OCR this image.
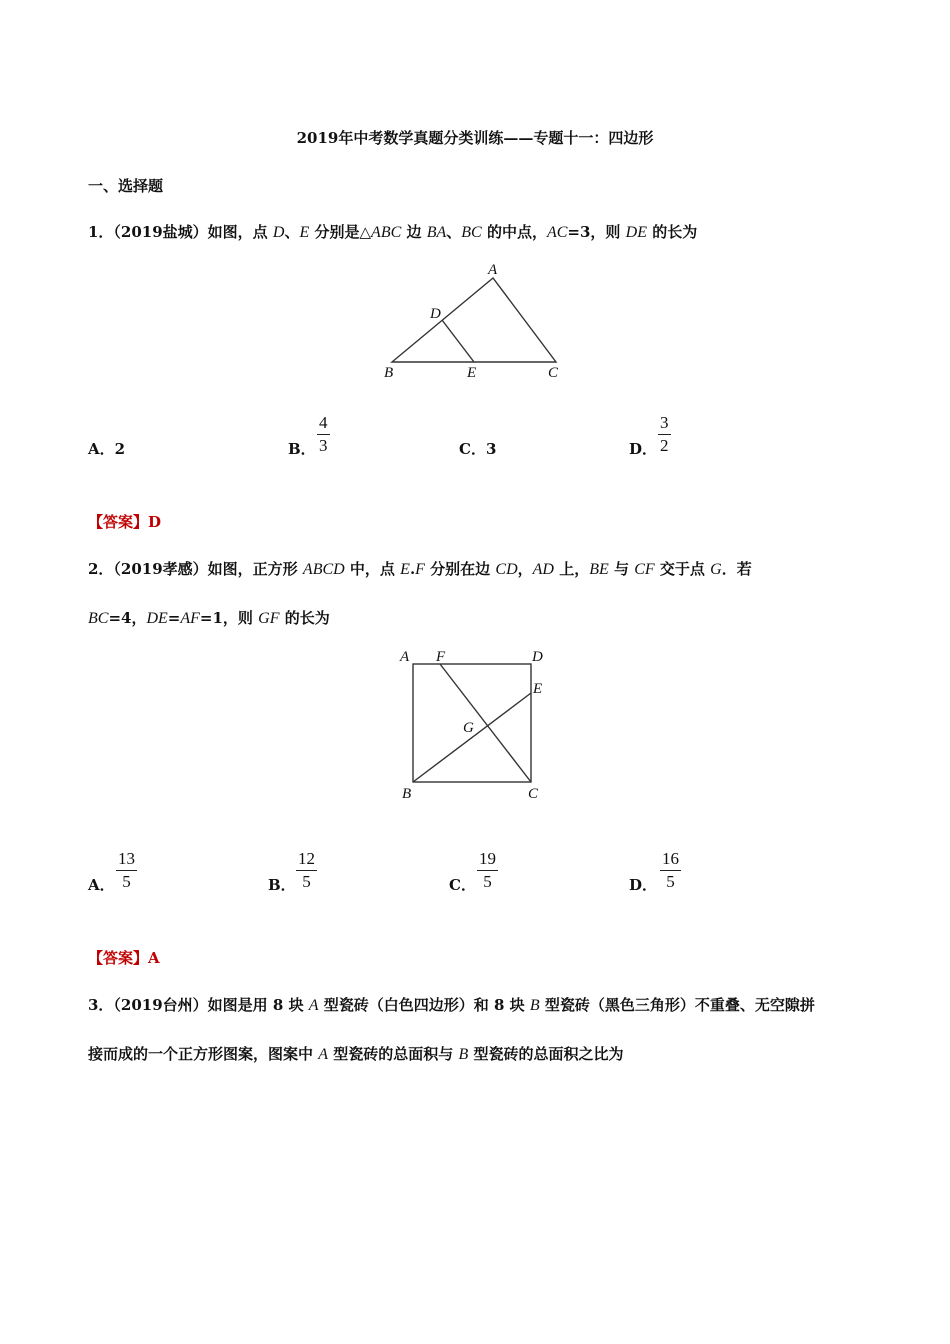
2019年中考数学真题分类训练——专题十一：四边形
一、选择题
1．（2019盐城）如图，点 D、E 分别是△ABC 边 BA、BC 的中点，AC=3，则 DE 的长为
A
D
B	E	C
A．2	B． $\frac{4}{3}$	C．3	D． $\frac{3}{2}$
【答案】D
2．（2019孝感）如图，正方形 ABCD 中，点 E.F 分别在边 CD，AD 上，BE 与 CF 交于点 G．若
BC=4，DE=AF=1，则 GF 的长为
A F	D
E
G
B	C
A． $\frac{13}{5}$	B． $\frac{12}{5}$	C． $\frac{19}{5}$	D． $\frac{16}{5}$
【答案】A
3．（2019台州）如图是用 8 块 A 型瓷砖（白色四边形）和 8 块 B 型瓷砖（黑色三角形）不重叠、无空隙拼
接而成的一个正方形图案，图案中 A 型瓷砖的总面积与 B 型瓷砖的总面积之比为
